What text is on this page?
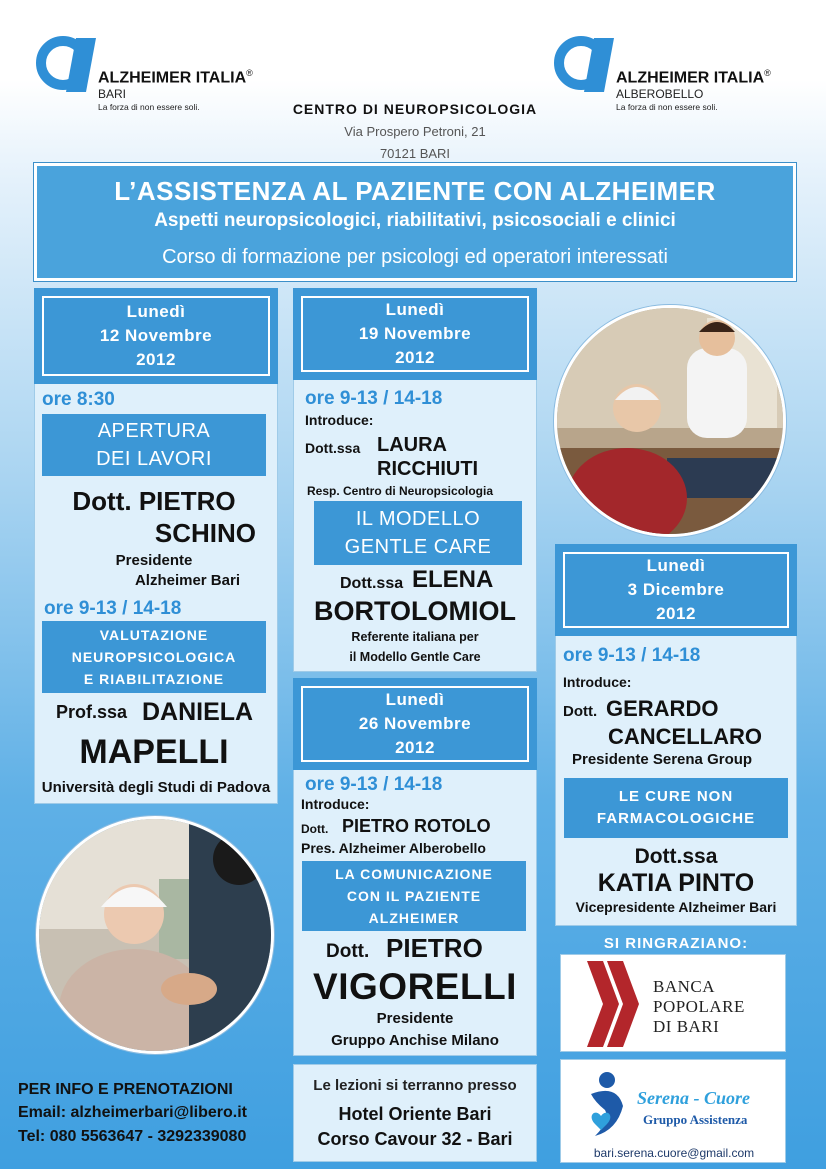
ALZHEIMER ITALIA®
BARI
La forza di non essere soli.
ALZHEIMER ITALIA®
ALBEROBELLO
La forza di non essere soli.
CENTRO DI NEUROPSICOLOGIA
Via Prospero Petroni, 21
70121 BARI
L’ASSISTENZA AL PAZIENTE CON ALZHEIMER
Aspetti neuropsicologici, riabilitativi, psicosociali e clinici
Corso di formazione per psicologi ed operatori interessati
Lunedì
12 Novembre
2012
ore 8:30
APERTURA
DEI LAVORI
Dott. PIETRO
SCHINO
Presidente
Alzheimer Bari
ore 9-13 / 14-18
VALUTAZIONE
NEUROPSICOLOGICA
E RIABILITAZIONE
Prof.ssa DANIELA
MAPELLI
Università degli Studi di Padova
Lunedì
19 Novembre
2012
ore 9-13 / 14-18
Introduce:
Dott.ssa LAURA
RICCHIUTI
Resp. Centro di Neuropsicologia
IL MODELLO
GENTLE CARE
Dott.ssa ELENA
BORTOLOMIOL
Referente italiana per
il Modello Gentle Care
Lunedì
26 Novembre
2012
ore 9-13 / 14-18
Introduce:
Dott. PIETRO ROTOLO
Pres. Alzheimer Alberobello
LA COMUNICAZIONE
CON IL PAZIENTE
ALZHEIMER
Dott. PIETRO
VIGORELLI
Presidente
Gruppo Anchise Milano
Lunedì
3 Dicembre
2012
ore 9-13 / 14-18
Introduce:
Dott. GERARDO
CANCELLARO
Presidente Serena Group
LE CURE NON
FARMACOLOGICHE
Dott.ssa
KATIA PINTO
Vicepresidente Alzheimer Bari
Le lezioni si terranno presso
Hotel Oriente Bari
Corso Cavour 32 - Bari
PER INFO E PRENOTAZIONI
Email: alzheimerbari@libero.it
Tel: 080 5563647 - 3292339080
SI RINGRAZIANO:
BANCA
POPOLARE
DI BARI
Serena - Cuore
Gruppo Assistenza
bari.serena.cuore@gmail.com
